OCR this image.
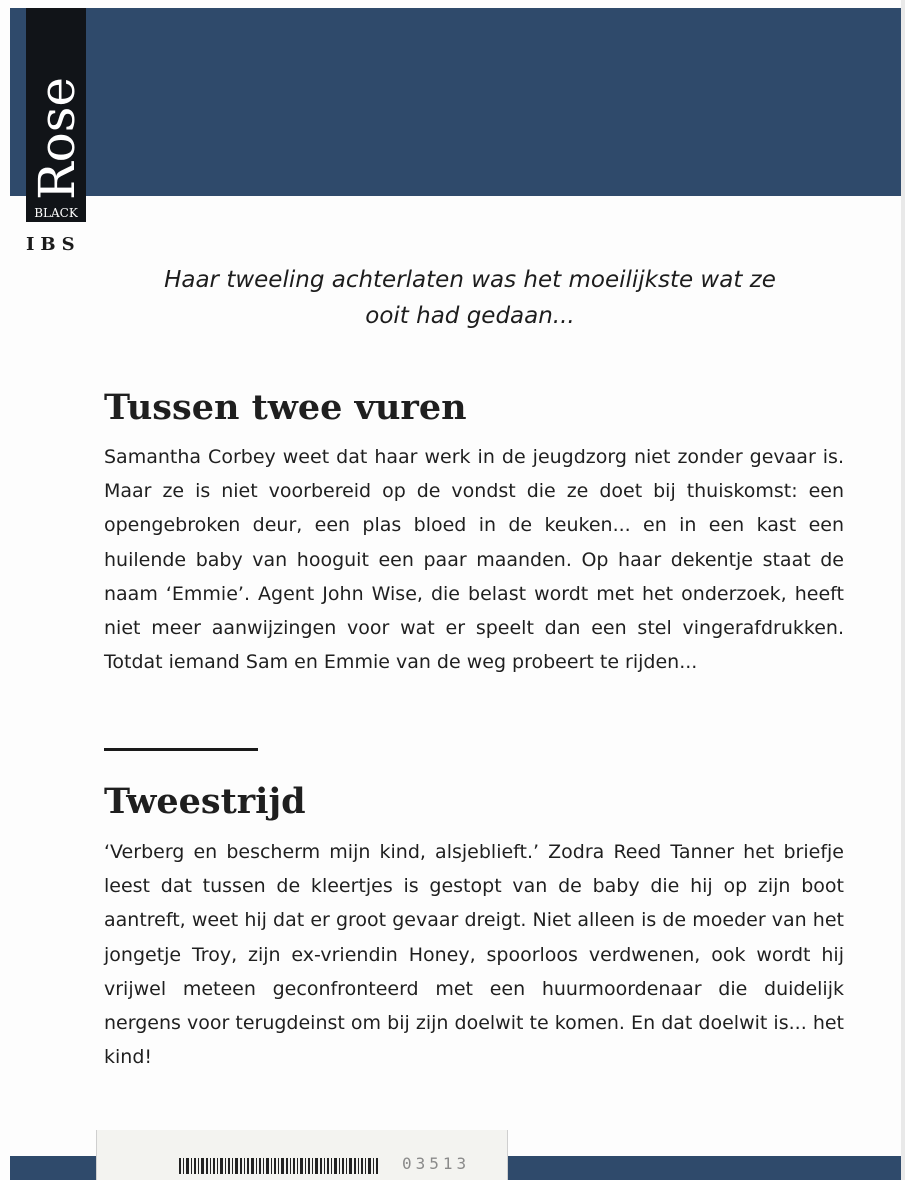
Rose
BLACK
IBS
Haar tweeling achterlaten was het moeilijkste wat ze ooit had gedaan...
Tussen twee vuren

Samantha Corbey weet dat haar werk in de jeugdzorg niet zonder gevaar is. Maar ze is niet voorbereid op de vondst die ze doet bij thuiskomst: een opengebroken deur, een plas bloed in de keuken... en in een kast een huilende baby van hooguit een paar maanden. Op haar dekentje staat de naam ‘Emmie’. Agent John Wise, die belast wordt met het onderzoek, heeft niet meer aanwijzingen voor wat er speelt dan een stel vingerafdrukken. Totdat iemand Sam en Emmie van de weg probeert te rijden...

Tweestrijd

‘Verberg en bescherm mijn kind, alsjeblieft.’ Zodra Reed Tanner het briefje leest dat tussen de kleertjes is gestopt van de baby die hij op zijn boot aantreft, weet hij dat er groot gevaar dreigt. Niet alleen is de moeder van het jongetje Troy, zijn ex-vriendin Honey, spoorloos verdwenen, ook wordt hij vrijwel meteen geconfronteerd met een huurmoordenaar die duidelijk nergens voor terugdeinst om bij zijn doelwit te komen. En dat doelwit is... het kind!

03513
